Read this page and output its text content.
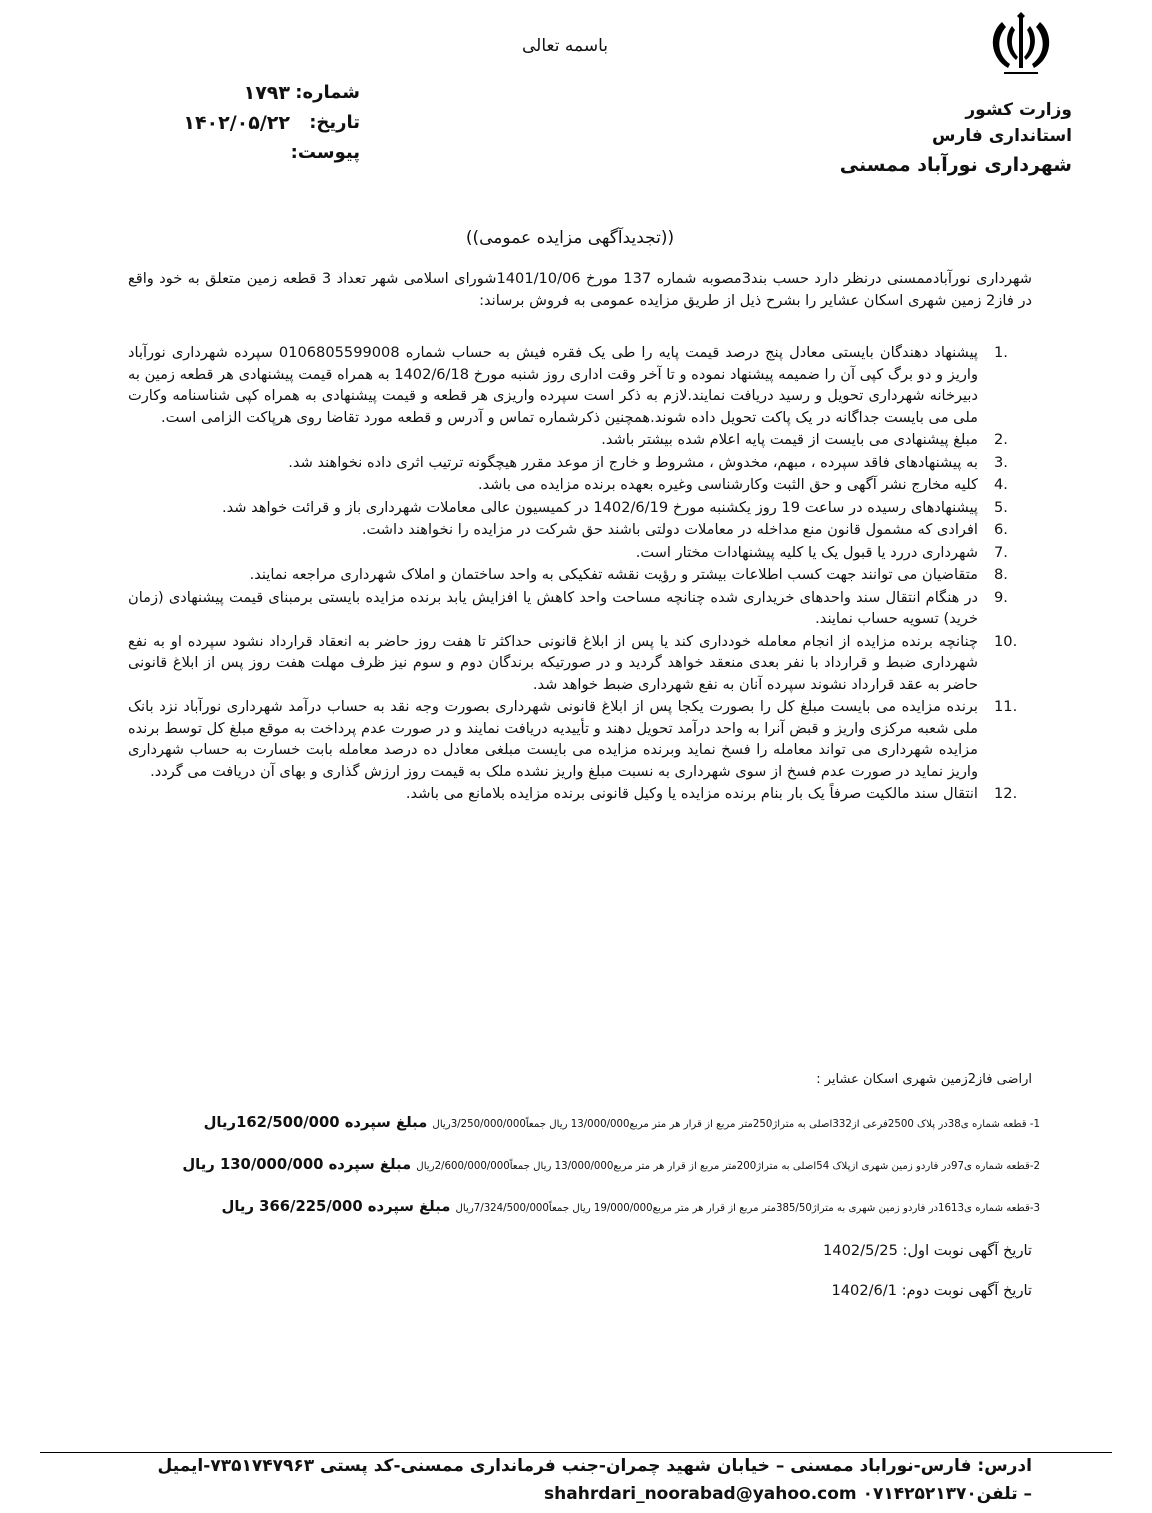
باسمه تعالی
وزارت کشور
استانداری فارس
شهرداری نورآباد ممسنی
شماره:
۱۷۹۳
تاریخ:
۱۴۰۲/۰۵/۲۲
پیوست:
((تجدیدآگهی مزایده عمومی))
شهرداری نورآبادممسنی درنظر دارد حسب بند3مصوبه شماره 137 مورخ 1401/10/06شورای اسلامی شهر تعداد 3 قطعه زمین متعلق به خود واقع در فاز2 زمین شهری اسکان عشایر را بشرح ذیل از طریق مزایده عمومی به فروش برساند:
1.
پیشنهاد دهندگان بایستی معادل پنج درصد قیمت پایه را طی یک فقره فیش به حساب شماره 0106805599008 سپرده شهرداری نورآباد واریز و دو برگ کپی آن را ضمیمه پیشنهاد نموده و تا آخر وقت اداری روز شنبه مورخ 1402/6/18 به همراه قیمت پیشنهادی هر قطعه زمین به دبیرخانه شهرداری تحویل و رسید دریافت نمایند.لازم به ذکر است سپرده واریزی هر قطعه و قیمت پیشنهادی به همراه کپی شناسنامه وکارت ملی می بایست جداگانه در یک پاکت تحویل داده شوند.همچنین ذکرشماره تماس و آدرس و قطعه مورد تقاضا روی هرپاکت الزامی است.
2.
مبلغ پیشنهادی می بایست از قیمت پایه اعلام شده بیشتر باشد.
3.
به پیشنهادهای فاقد سپرده ، مبهم، مخدوش ، مشروط و خارج از موعد مقرر هیچگونه ترتیب اثری داده نخواهند شد.
4.
کلیه مخارج نشر آگهی و حق الثبت وکارشناسی وغیره بعهده برنده مزایده می باشد.
5.
پیشنهادهای رسیده در ساعت 19 روز یکشنبه مورخ 1402/6/19 در کمیسیون عالی معاملات شهرداری باز و قرائت خواهد شد.
6.
افرادی که مشمول قانون منع مداخله در معاملات دولتی باشند حق شرکت در مزایده را نخواهند داشت.
7.
شهرداری دررد یا قبول یک یا کلیه پیشنهادات مختار است.
8.
متقاضیان می توانند جهت کسب اطلاعات بیشتر و رؤیت نقشه تفکیکی به واحد ساختمان و املاک شهرداری مراجعه نمایند.
9.
در هنگام انتقال سند واحدهای خریداری شده چنانچه مساحت واحد کاهش یا افزایش یابد برنده مزایده بایستی برمبنای قیمت پیشنهادی (زمان خرید) تسویه حساب نمایند.
10.
چنانچه برنده مزایده از انجام معامله خودداری کند یا پس از ابلاغ قانونی حداکثر تا هفت روز حاضر به انعقاد قرارداد نشود سپرده او به نفع شهرداری ضبط و قرارداد با نفر بعدی منعقد خواهد گردید و در صورتیکه برندگان دوم و سوم نیز ظرف مهلت هفت روز پس از ابلاغ قانونی حاضر به عقد قرارداد نشوند سپرده آنان به نفع شهرداری ضبط خواهد شد.
11.
برنده مزایده می بایست مبلغ کل را بصورت یکجا پس از ابلاغ قانونی شهرداری بصورت وجه نقد به حساب درآمد شهرداری نورآباد نزد بانک ملی شعبه مرکزی واریز و قبض آنرا به واحد درآمد تحویل دهند و تأییدیه دریافت نمایند و در صورت عدم پرداخت به موقع مبلغ کل توسط برنده مزایده شهرداری می تواند معامله را فسخ نماید وبرنده مزایده می بایست مبلغی معادل ده درصد معامله بابت خسارت به حساب شهرداری واریز نماید در صورت عدم فسخ از سوی شهرداری به نسبت مبلغ واریز نشده ملک به قیمت روز ارزش گذاری و بهای آن دریافت می گردد.
12.
انتقال سند مالکیت صرفاً یک بار بنام برنده مزایده یا وکیل قانونی برنده مزایده بلامانع می باشد.
اراضی فاز2زمین شهری اسکان عشایر :
1- قطعه شماره ی38در پلاک 2500فرعی از332اصلی به متراژ250متر مربع از قرار هر متر مربع13/000/000 ریال جمعاً3/250/000/000ریال مبلغ سپرده 162/500/000ریال
2-قطعه شماره ی97در فاردو زمین شهری ازپلاک 54اصلی به متراژ200متر مربع از قرار هر متر مربع13/000/000 ریال جمعاً2/600/000/000ریال مبلغ سپرده 130/000/000 ریال
3-قطعه شماره ی1613در فاردو زمین شهری به متراژ385/50متر مربع از قرار هر متر مربع19/000/000 ریال جمعاً7/324/500/000ریال مبلغ سپرده 366/225/000 ریال
تاریخ آگهی نوبت اول: 1402/5/25
تاریخ آگهی نوبت دوم: 1402/6/1
ادرس: فارس-نوراباد ممسنی – خیابان شهید چمران-جنب فرمانداری ممسنی-کد پستی ۷۳۵۱۷۴۷۹۶۳-ایمیل
– تلفن۰۷۱۴۲۵۲۱۳۷۰ shahrdari_noorabad@yahoo.com
